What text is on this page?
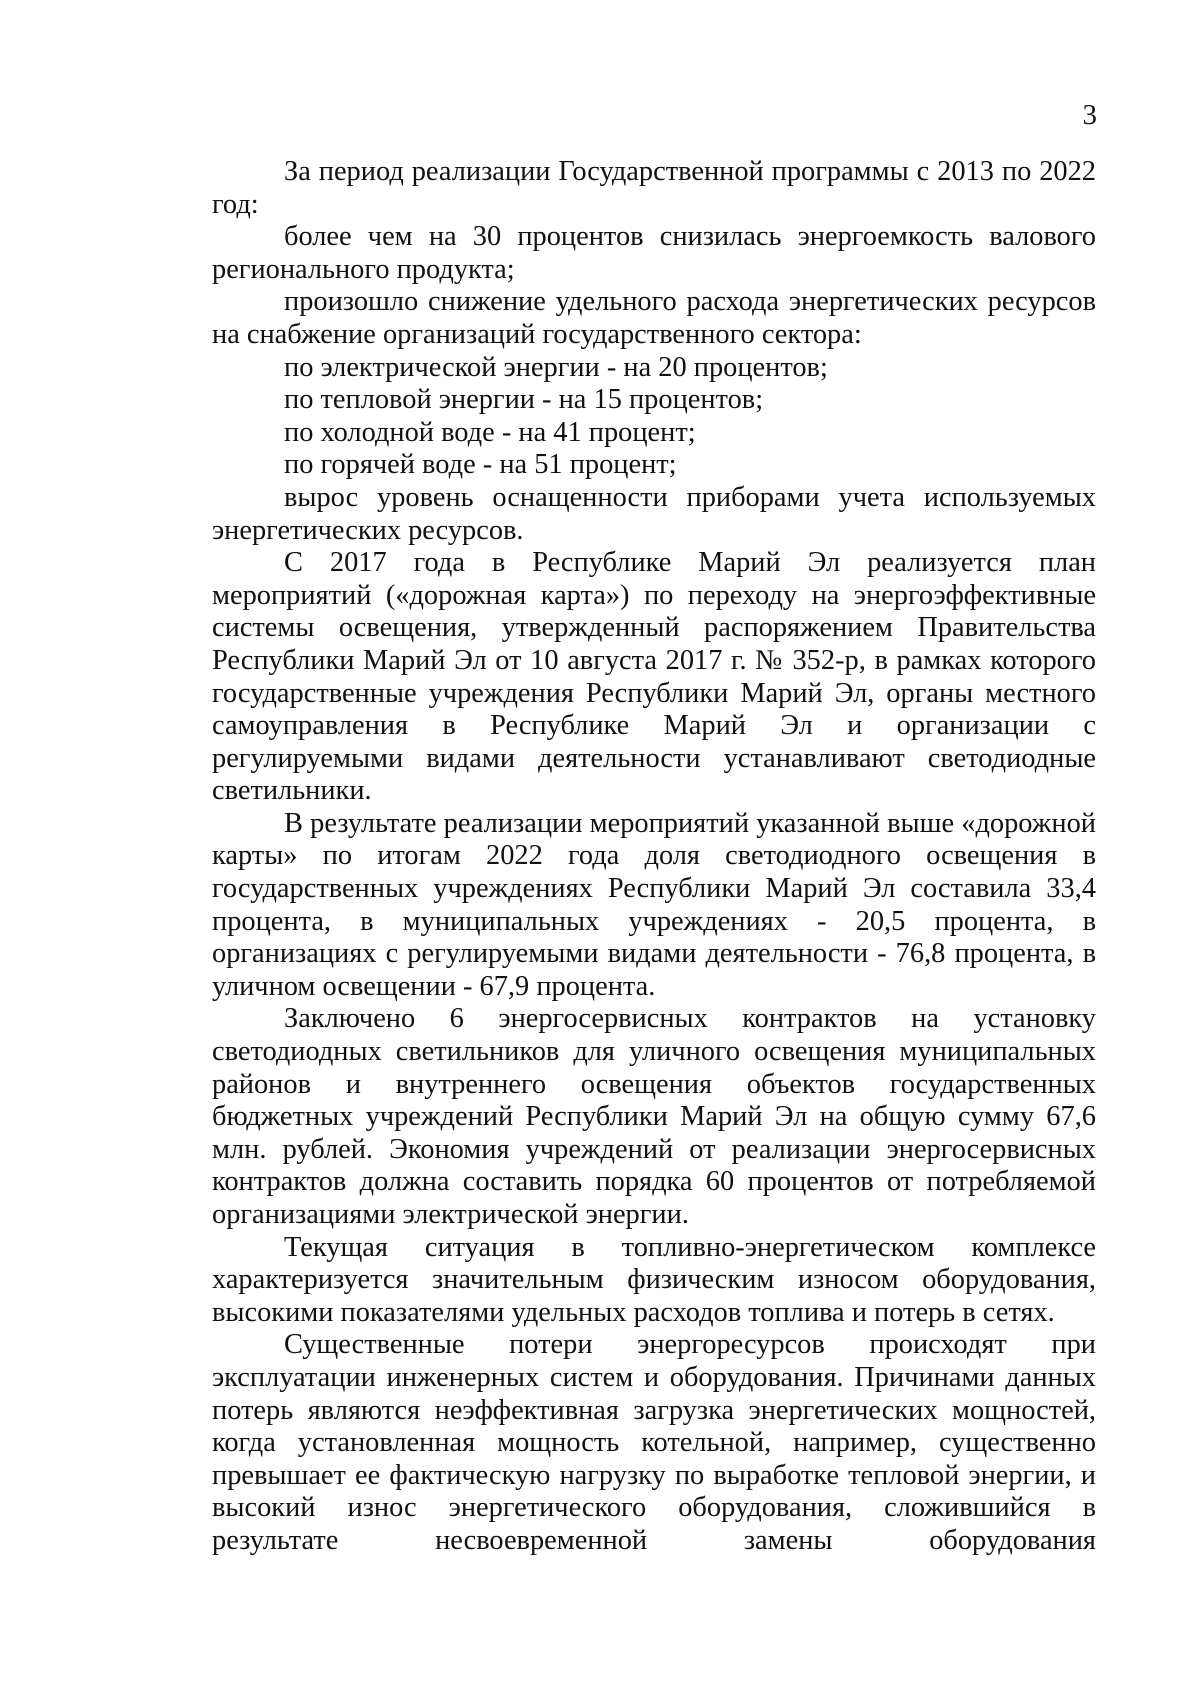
3

За период реализации Государственной программы с 2013 по 2022 год:

более чем на 30 процентов снизилась энергоемкость валового регионального продукта;

произошло снижение удельного расхода энергетических ресурсов на снабжение организаций государственного сектора:

по электрической энергии - на 20 процентов;

по тепловой энергии - на 15 процентов;

по холодной воде - на 41 процент;

по горячей воде - на 51 процент;

вырос уровень оснащенности приборами учета используемых энергетических ресурсов.

С 2017 года в Республике Марий Эл реализуется план мероприятий («дорожная карта») по переходу на энергоэффективные системы освещения, утвержденный распоряжением Правительства Республики Марий Эл от 10 августа 2017 г. № 352-р, в рамках которого государственные учреждения Республики Марий Эл, органы местного самоуправления в Республике Марий Эл и организации с регулируемыми видами деятельности устанавливают светодиодные светильники.

В результате реализации мероприятий указанной выше «дорожной карты» по итогам 2022 года доля светодиодного освещения в государственных учреждениях Республики Марий Эл составила 33,4 процента, в муниципальных учреждениях - 20,5 процента, в организациях с регулируемыми видами деятельности - 76,8 процента, в уличном освещении - 67,9 процента.

Заключено 6 энергосервисных контрактов на установку светодиодных светильников для уличного освещения муниципальных районов и внутреннего освещения объектов государственных бюджетных учреждений Республики Марий Эл на общую сумму 67,6 млн. рублей. Экономия учреждений от реализации энергосервисных контрактов должна составить порядка 60 процентов от потребляемой организациями электрической энергии.

Текущая ситуация в топливно-энергетическом комплексе характеризуется значительным физическим износом оборудования, высокими показателями удельных расходов топлива и потерь в сетях.

Существенные потери энергоресурсов происходят при эксплуатации инженерных систем и оборудования. Причинами данных потерь являются неэффективная загрузка энергетических мощностей, когда установленная мощность котельной, например, существенно превышает ее фактическую нагрузку по выработке тепловой энергии, и высокий износ энергетического оборудования, сложившийся в результате несвоевременной замены оборудования
